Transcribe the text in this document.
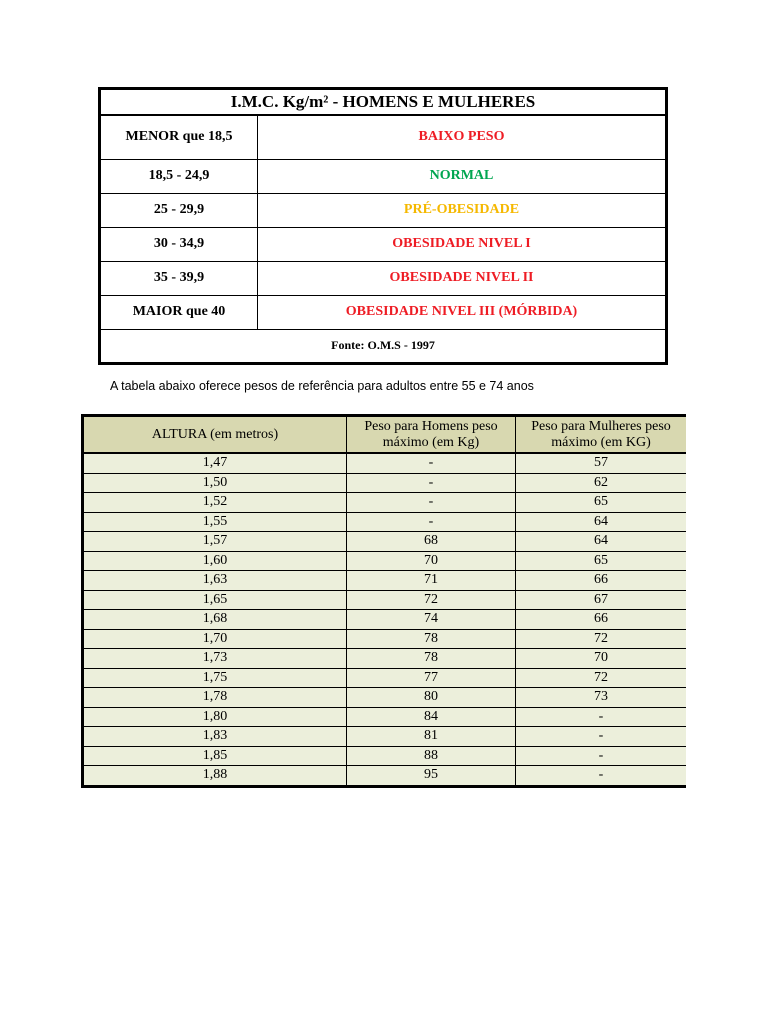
I.M.C. Kg/m² - HOMENS E MULHERES	
MENOR que 18,5	BAIXO PESO
18,5 - 24,9	NORMAL
25 - 29,9	PRÉ-OBESIDADE
30 - 34,9	OBESIDADE NIVEL I
35 - 39,9	OBESIDADE NIVEL II
MAIOR que 40	OBESIDADE NIVEL III (MÓRBIDA)
Fonte: O.M.S - 1997	

A tabela abaixo oferece pesos de referência para adultos entre 55 e 74 anos

ALTURA (em metros)	Peso para Homens peso máximo (em Kg)	Peso para Mulheres peso máximo (em KG)
1,47	-	57
1,50	-	62
1,52	-	65
1,55	-	64
1,57	68	64
1,60	70	65
1,63	71	66
1,65	72	67
1,68	74	66
1,70	78	72
1,73	78	70
1,75	77	72
1,78	80	73
1,80	84	-
1,83	81	-
1,85	88	-
1,88	95	-
